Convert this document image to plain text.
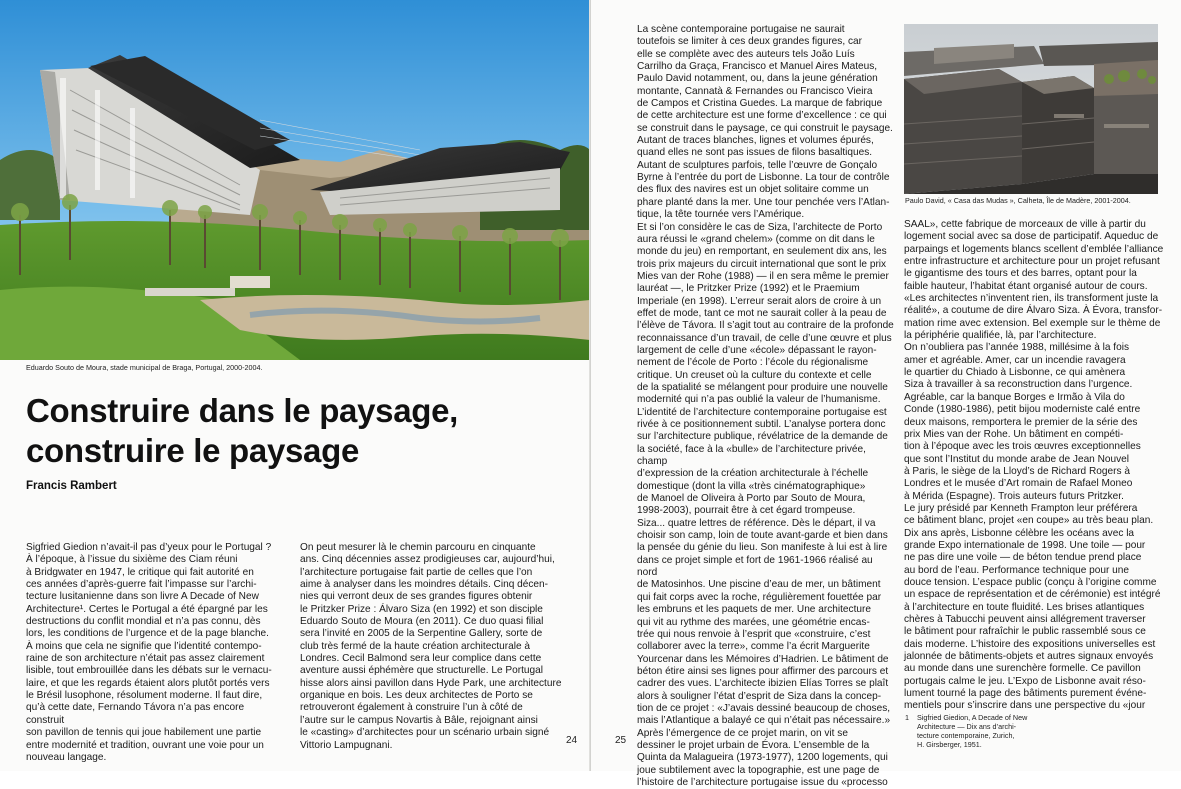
Eduardo Souto de Moura, stade municipal de Braga, Portugal, 2000-2004.
Construire dans le paysage,
construire le paysage
Francis Rambert
Sigfried Giedion n’avait-il pas d’yeux pour le Portugal ?
À l’époque, à l’issue du sixième des Ciam réuni
à Bridgwater en 1947, le critique qui fait autorité en
ces années d’après-guerre fait l’impasse sur l’archi-
tecture lusitanienne dans son livre A Decade of New
Architecture¹. Certes le Portugal a été épargné par les
destructions du conflit mondial et n’a pas connu, dès
lors, les conditions de l’urgence et de la page blanche.
À moins que cela ne signifie que l’identité contempo-
raine de son architecture n’était pas assez clairement
lisible, tout embrouillée dans les débats sur le vernacu-
laire, et que les regards étaient alors plutôt portés vers
le Brésil lusophone, résolument moderne. Il faut dire,
qu’à cette date, Fernando Távora n’a pas encore construit
son pavillon de tennis qui joue habilement une partie
entre modernité et tradition, ouvrant une voie pour un
nouveau langage.
On peut mesurer là le chemin parcouru en cinquante
ans. Cinq décennies assez prodigieuses car, aujourd’hui,
l’architecture portugaise fait partie de celles que l’on
aime à analyser dans les moindres détails. Cinq décen-
nies qui verront deux de ses grandes figures obtenir
le Pritzker Prize : Álvaro Siza (en 1992) et son disciple
Eduardo Souto de Moura (en 2011). Ce duo quasi filial
sera l’invité en 2005 de la Serpentine Gallery, sorte de
club très fermé de la haute création architecturale à
Londres. Cecil Balmond sera leur complice dans cette
aventure aussi éphémère que structurelle. Le Portugal
hisse alors ainsi pavillon dans Hyde Park, une architecture
organique en bois. Les deux architectes de Porto se
retrouveront également à construire l’un à côté de
l’autre sur le campus Novartis à Bâle, rejoignant ainsi
le «casting» d’architectes pour un scénario urbain signé
Vittorio Lampugnani.	24	25
La scène contemporaine portugaise ne saurait
toutefois se limiter à ces deux grandes figures, car
elle se complète avec des auteurs tels João Luís
Carrilho da Graça, Francisco et Manuel Aires Mateus,
Paulo David notamment, ou, dans la jeune génération
montante, Cannatà & Fernandes ou Francisco Vieira
de Campos et Cristina Guedes. La marque de fabrique
de cette architecture est une forme d’excellence : ce qui
se construit dans le paysage, ce qui construit le paysage.
Autant de traces blanches, lignes et volumes épurés,
quand elles ne sont pas issues de filons basaltiques.
Autant de sculptures parfois, telle l’œuvre de Gonçalo
Byrne à l’entrée du port de Lisbonne. La tour de contrôle
des flux des navires est un objet solitaire comme un
phare planté dans la mer. Une tour penchée vers l’Atlan-
tique, la tête tournée vers l’Amérique.
Et si l’on considère le cas de Siza, l’architecte de Porto
aura réussi le «grand chelem» (comme on dit dans le
monde du jeu) en remportant, en seulement dix ans, les
trois prix majeurs du circuit international que sont le prix
Mies van der Rohe (1988) — il en sera même le premier
lauréat —, le Pritzker Prize (1992) et le Praemium
Imperiale (en 1998). L’erreur serait alors de croire à un
effet de mode, tant ce mot ne saurait coller à la peau de
l’élève de Távora. Il s’agit tout au contraire de la profonde
reconnaissance d’un travail, de celle d’une œuvre et plus
largement de celle d’une «école» dépassant le rayon-
nement de l’école de Porto : l’école du régionalisme
critique. Un creuset où la culture du contexte et celle
de la spatialité se mélangent pour produire une nouvelle
modernité qui n’a pas oublié la valeur de l’humanisme.
L’identité de l’architecture contemporaine portugaise est
rivée à ce positionnement subtil. L’analyse portera donc
sur l’architecture publique, révélatrice de la demande de
la société, face à la «bulle» de l’architecture privée, champ
d’expression de la création architecturale à l’échelle
domestique (dont la villa «très cinématographique»
de Manoel de Oliveira à Porto par Souto de Moura,
1998-2003), pourrait être à cet égard trompeuse.
Siza... quatre lettres de référence. Dès le départ, il va
choisir son camp, loin de toute avant-garde et bien dans
la pensée du génie du lieu. Son manifeste à lui est à lire
dans ce projet simple et fort de 1961-1966 réalisé au nord
de Matosinhos. Une piscine d’eau de mer, un bâtiment
qui fait corps avec la roche, régulièrement fouettée par
les embruns et les paquets de mer. Une architecture
qui vit au rythme des marées, une géométrie encas-
trée qui nous renvoie à l’esprit que «construire, c’est
collaborer avec la terre», comme l’a écrit Marguerite
Yourcenar dans les Mémoires d’Hadrien. Le bâtiment de
béton étire ainsi ses lignes pour affirmer des parcours et
cadrer des vues. L’architecte ibizien Elías Torres se plaît
alors à souligner l’état d’esprit de Siza dans la concep-
tion de ce projet : «J’avais dessiné beaucoup de choses,
mais l’Atlantique a balayé ce qui n’était pas nécessaire.»
Après l’émergence de ce projet marin, on vit se
dessiner le projet urbain de Évora. L’ensemble de la
Quinta da Malagueira (1973-1977), 1200 logements, qui
joue subtilement avec la topographie, est une page de
l’histoire de l’architecture portugaise issue du «processo
Paulo David, « Casa das Mudas », Calheta, Île de Madère, 2001-2004.
SAAL», cette fabrique de morceaux de ville à partir du
logement social avec sa dose de participatif. Aqueduc de
parpaings et logements blancs scellent d’emblée l’alliance
entre infrastructure et architecture pour un projet refusant
le gigantisme des tours et des barres, optant pour la
faible hauteur, l’habitat étant organisé autour de cours.
«Les architectes n’inventent rien, ils transforment juste la
réalité», a coutume de dire Álvaro Siza. À Évora, transfor-
mation rime avec extension. Bel exemple sur le thème de
la périphérie qualifiée, là, par l’architecture.
On n’oubliera pas l’année 1988, millésime à la fois
amer et agréable. Amer, car un incendie ravagera
le quartier du Chiado à Lisbonne, ce qui amènera
Siza à travailler à sa reconstruction dans l’urgence.
Agréable, car la banque Borges e Irmão à Vila do
Conde (1980-1986), petit bijou moderniste calé entre
deux maisons, remportera le premier de la série des
prix Mies van der Rohe. Un bâtiment en compéti-
tion à l’époque avec les trois œuvres exceptionnelles
que sont l’Institut du monde arabe de Jean Nouvel
à Paris, le siège de la Lloyd’s de Richard Rogers à
Londres et le musée d’Art romain de Rafael Moneo
à Mérida (Espagne). Trois auteurs futurs Pritzker.
Le jury présidé par Kenneth Frampton leur préférera
ce bâtiment blanc, projet «en coupe» au très beau plan.
Dix ans après, Lisbonne célèbre les océans avec la
grande Expo internationale de 1998. Une toile — pour
ne pas dire une voile — de béton tendue prend place
au bord de l’eau. Performance technique pour une
douce tension. L’espace public (conçu à l’origine comme
un espace de représentation et de cérémonie) est intégré
à l’architecture en toute fluidité. Les brises atlantiques
chères à Tabucchi peuvent ainsi allégrement traverser
le bâtiment pour rafraîchir le public rassemblé sous ce
dais moderne. L’histoire des expositions universelles est
jalonnée de bâtiments-objets et autres signaux envoyés
au monde dans une surenchère formelle. Ce pavillon
portugais calme le jeu. L’Expo de Lisbonne avait réso-
lument tourné la page des bâtiments purement événe-
mentiels pour s’inscrire dans une perspective du «jour
1 Sigfried Giedion, A Decade of New
Architecture — Dix ans d’archi-
tecture contemporaine, Zurich,
H. Girsberger, 1951.
